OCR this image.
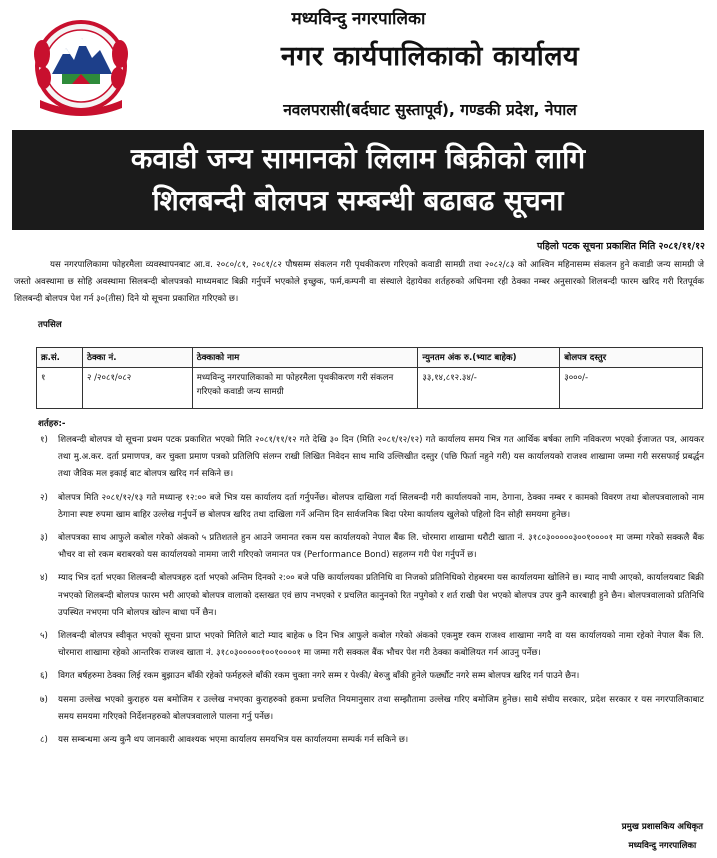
मध्यविन्दु नगरपालिका
नगर कार्यपालिकाको कार्यालय
नवलपरासी(बर्दघाट सुस्तापूर्व), गण्डकी प्रदेश, नेपाल
कवाडी जन्य सामानको लिलाम बिक्रीको लागि
शिलबन्दी बोलपत्र सम्बन्धी बढाबढ सूचना
पहिलो पटक सूचना प्रकाशित मिति २०८१/११/१२
यस नगरपालिकामा फोहरमैला व्यवस्थापनबाट आ.व. २०८०/८१, २०८१/८२ पौषसम्म संकलन गरी पृथकीकरण गरिएको कवाडी सामग्री तथा २०८२/८३ को आश्विन महिनासम्म संकलन हुने कवाडी जन्य सामग्री जे जस्तो अवस्थामा छ सोहि अवस्थामा सिलबन्दी बोलपत्रको माध्यमबाट बिक्री गर्नुपर्ने भएकोले इच्छुक, फर्म,कम्पनी वा संस्थाले देहायेका शर्तहरुको अधिनमा रही ठेक्का नम्बर अनुसारको शिलबन्दी फारम खरिद गरी रितपूर्वक शिलबन्दी बोलपत्र पेश गर्न ३०(तीस) दिने यो सूचना प्रकाशित गरिएको छ।
तपसिल
क्र.सं.	ठेक्का नं.	ठेक्काको नाम	न्युनतम अंक रु.(भ्याट बाहेक)	बोलपत्र दस्तुर
१	२ /२०८१/०८२	मध्यविन्दु नगरपालिकाको मा फोहरमैला पृथकीकरण गरी संकलन गरिएको कवाडी जन्य सामग्री	३३,१४,८१२.३४/-	३०००/-
शर्तहरु:-
१) शिलबन्दी बोलपत्र यो सूचना प्रथम पटक प्रकाशित भएको मिति २०८१/११/१२ गते देखि ३० दिन (मिति २०८१/१२/१२) गते कार्यालय समय भित्र गत आर्थिक बर्षका लागि नविकरण भएको ईजाजत पत्र, आयकर तथा मु.अ.कर. दर्ता प्रमाणपत्र, कर चुक्ता प्रमाण पत्रको प्रतिलिपि संलग्न राखी लिखित निवेदन साथ माथि उल्लिखीत दस्तुर (पछि फिर्ता नहुने गरी) यस कार्यालयको राजश्व शाखामा जम्मा गरी सरसफाई प्रबर्द्धन तथा जैविक मल इकाई बाट बोलपत्र खरिद गर्न सकिने छ।
२) बोलपत्र मिति २०८१/१२/१३ गते मध्यान्ह १२:०० बजे भित्र यस कार्यालय दर्ता गर्नुपर्नेछ। बोलपत्र दाखिला गर्दा सिलबन्दी गरी कार्यालयको नाम, ठेगाना, ठेक्का नम्बर र कामको विवरण तथा बोलपत्रवालाको नाम ठेगाना स्पष्ट रुपमा खाम बाहिर उल्लेख गर्नुपर्ने छ बोलपत्र खरिद तथा दाखिला गर्ने अन्तिम दिन सार्वजनिक बिदा परेमा कार्यालय खुलेको पहिलो दिन सोही समयमा हुनेछ।
३) बोलपत्रका साथ आफुले कबोल गरेको अंकको ५ प्रतिशतले हुन आउने जमानत रकम यस कार्यालयको नेपाल बैंक लि. चोरमारा शाखामा धरौटी खाता नं. ३१८०३०००००३००१००००१ मा जम्मा गरेको सक्कलै बैंक भौचर वा सो रकम बराबरको यस कार्यालयको नाममा जारी गरिएको जमानत पत्र (Performance Bond) सहलग्न गरी पेश गर्नुपर्ने छ।
४) म्याद भित्र दर्ता भएका शिलबन्दी बोलपत्रहरु दर्ता भएको अन्तिम दिनको २:०० बजे पछि कार्यालयका प्रतिनिधि वा निजको प्रतिनिधिको रोहबरमा यस कार्यालयमा खोलिने छ। म्याद नाघी आएको, कार्यालयबाट बिक्री नभएको शिलबन्दी बोलपत्र फारम भरी आएको बोलपत्र वालाको दस्तखत एवं छाप नभएको र प्रचलित कानुनको रित नपुगेको र शर्त राखी पेश भएको बोलपत्र उपर कुनै कारबाही हुने छैन। बोलपत्रवालाको प्रतिनिधि उपस्थित नभएमा पनि बोलपत्र खोल्न बाधा पर्ने छैन।
५) शिलबन्दी बोलपत्र स्वीकृत भएको सूचना प्राप्त भएको मितिले बाटो म्याद बाहेक ७ दिन भित्र आफुले कबोल गरेको अंकको एकमुष्ट रकम राजश्व शाखामा नगदै वा यस कार्यालयको नामा रहेको नेपाल बैंक लि. चोरमारा शाखामा रहेको आन्तरिक राजश्व खाता नं. ३१८०३०००००१००१००००१ मा जम्मा गरी सक्कल बैंक भौचर पेश गरी ठेक्का कबोलियत गर्न आउनु पर्नेछ।
६) विगत बर्षहरुमा ठेक्का लिई रकम बुझाउन बाँकी रहेको फर्महरुले बाँकी रकम चुक्ता नगरे सम्म र पेश्की/ बेरुजु बाँकी हुनेले फर्छ्यौट नगरे सम्म बोलपत्र खरिद गर्न पाउने छैन।
७) यसमा उल्लेख भएको कुराहरु यस बमोजिम र उल्लेख नभएका कुराहरुको हकमा प्रचलित नियमानुसार तथा सम्झौतामा उल्लेख गरिए बमोजिम हुनेछ। साथै संघीय सरकार, प्रदेश सरकार र यस नगरपालिकाबाट समय समयमा गरिएको निर्देशनहरुको बोलपत्रवालाले पालना गर्नु पर्नेछ।
८) यस सम्बन्धमा अन्य कुनै थप जानकारी आवश्यक भएमा कार्यालय समयभित्र यस कार्यालयमा सम्पर्क गर्न सकिने छ।
प्रमुख प्रशासकिय अधिकृत
मध्यविन्दु नगरपालिका
